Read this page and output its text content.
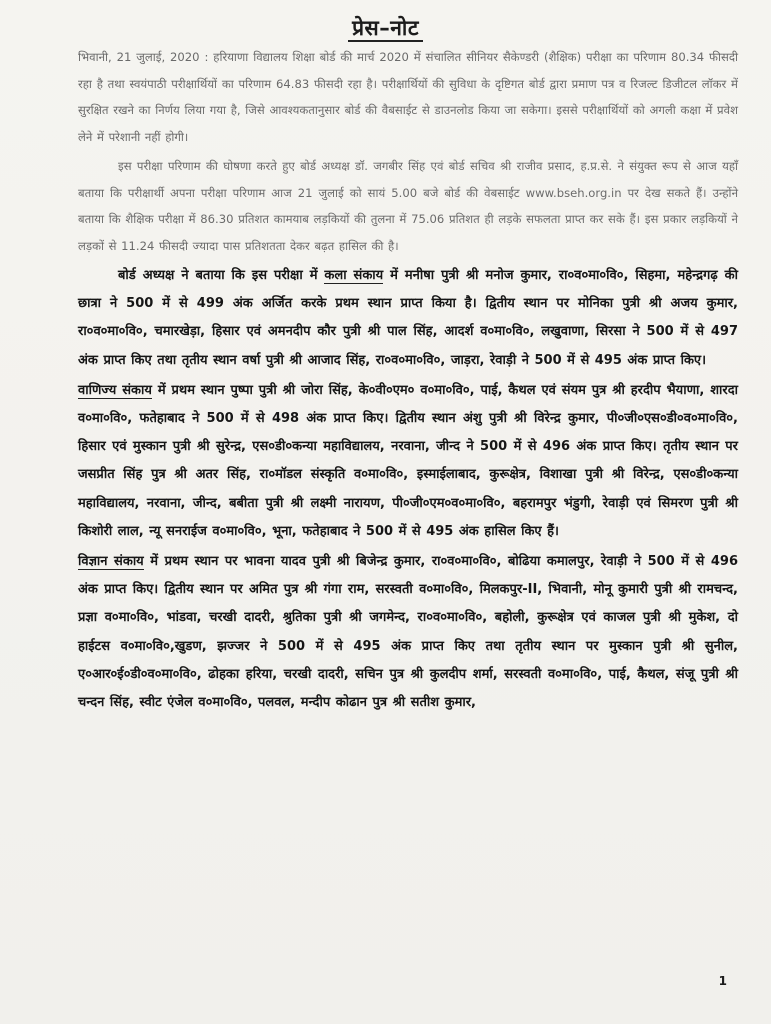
प्रेस–नोट

भिवानी, 21 जुलाई, 2020 : हरियाणा विद्यालय शिक्षा बोर्ड की मार्च 2020 में संचालित सीनियर सैकेण्डरी (शैक्षिक) परीक्षा का परिणाम 80.34 फीसदी रहा है तथा स्वयंपाठी परीक्षार्थियों का परिणाम 64.83 फीसदी रहा है। परीक्षार्थियों की सुविधा के दृष्टिगत बोर्ड द्वारा प्रमाण पत्र व रिजल्ट डिजीटल लॉकर में सुरक्षित रखने का निर्णय लिया गया है, जिसे आवश्यकतानुसार बोर्ड की वैबसाईट से डाउनलोड किया जा सकेगा। इससे परीक्षार्थियों को अगली कक्षा में प्रवेश लेने में परेशानी नहीं होगी।

इस परीक्षा परिणाम की घोषणा करते हुए बोर्ड अध्यक्ष डॉ. जगबीर सिंह एवं बोर्ड सचिव श्री राजीव प्रसाद, ह.प्र.से. ने संयुक्त रूप से आज यहाँ बताया कि परीक्षार्थी अपना परीक्षा परिणाम आज 21 जुलाई को सायं 5.00 बजे बोर्ड की वेबसाईट www.bseh.org.in पर देख सकते हैं। उन्होंने बताया कि शैक्षिक परीक्षा में 86.30 प्रतिशत कामयाब लड़कियों की तुलना में 75.06 प्रतिशत ही लड़के सफलता प्राप्त कर सके हैं। इस प्रकार लड़कियों ने लड़कों से 11.24 फीसदी ज्यादा पास प्रतिशतता देकर बढ़त हासिल की है।

बोर्ड अध्यक्ष ने बताया कि इस परीक्षा में कला संकाय में मनीषा पुत्री श्री मनोज कुमार, रा०व०मा०वि०, सिहमा, महेन्द्रगढ़ की छात्रा ने 500 में से 499 अंक अर्जित करके प्रथम स्थान प्राप्त किया है। द्वितीय स्थान पर मोनिका पुत्री श्री अजय कुमार, रा०व०मा०वि०, चमारखेड़ा, हिसार एवं अमनदीप कौर पुत्री श्री पाल सिंह, आदर्श व०मा०वि०, लखुवाणा, सिरसा ने 500 में से 497 अंक प्राप्त किए तथा तृतीय स्थान वर्षा पुत्री श्री आजाद सिंह, रा०व०मा०वि०, जाड़रा, रेवाड़ी ने 500 में से 495 अंक प्राप्त किए।

वाणिज्य संकाय में प्रथम स्थान पुष्पा पुत्री श्री जोरा सिंह, के०वी०एम० व०मा०वि०, पाई, कैथल एवं संयम पुत्र श्री हरदीप भैयाणा, शारदा व०मा०वि०, फतेहाबाद ने 500 में से 498 अंक प्राप्त किए। द्वितीय स्थान अंशु पुत्री श्री विरेन्द्र कुमार, पी०जी०एस०डी०व०मा०वि०, हिसार एवं मुस्कान पुत्री श्री सुरेन्द्र, एस०डी०कन्या महाविद्यालय, नरवाना, जीन्द ने 500 में से 496 अंक प्राप्त किए। तृतीय स्थान पर जसप्रीत सिंह पुत्र श्री अतर सिंह, रा०मॉडल संस्कृति व०मा०वि०, इस्माईलाबाद, कुरूक्षेत्र, विशाखा पुत्री श्री विरेन्द्र, एस०डी०कन्या महाविद्यालय, नरवाना, जीन्द, बबीता पुत्री श्री लक्ष्मी नारायण, पी०जी०एम०व०मा०वि०, बहरामपुर भंडुगी, रेवाड़ी एवं सिमरण पुत्री श्री किशोरी लाल, न्यू सनराईज व०मा०वि०, भूना, फतेहाबाद ने 500 में से 495 अंक हासिल किए हैं।

विज्ञान संकाय में प्रथम स्थान पर भावना यादव पुत्री श्री बिजेन्द्र कुमार, रा०व०मा०वि०, बोढिया कमालपुर, रेवाड़ी ने 500 में से 496 अंक प्राप्त किए। द्वितीय स्थान पर अमित पुत्र श्री गंगा राम, सरस्वती व०मा०वि०, मिलकपुर-II, भिवानी, मोनू कुमारी पुत्री श्री रामचन्द, प्रज्ञा व०मा०वि०, भांडवा, चरखी दादरी, श्रुतिका पुत्री श्री जगमेन्द, रा०व०मा०वि०, बहोली, कुरूक्षेत्र एवं काजल पुत्री श्री मुकेश, दो हाईटस व०मा०वि०,खुडण, झज्जर ने 500 में से 495 अंक प्राप्त किए तथा तृतीय स्थान पर मुस्कान पुत्री श्री सुनील, ए०आर०ई०डी०व०मा०वि०, ढोहका हरिया, चरखी दादरी, सचिन पुत्र श्री कुलदीप शर्मा, सरस्वती व०मा०वि०, पाई, कैथल, संजू पुत्री श्री चन्दन सिंह, स्वीट एंजेल व०मा०वि०, पलवल, मन्दीप कोढान पुत्र श्री सतीश कुमार,

1
